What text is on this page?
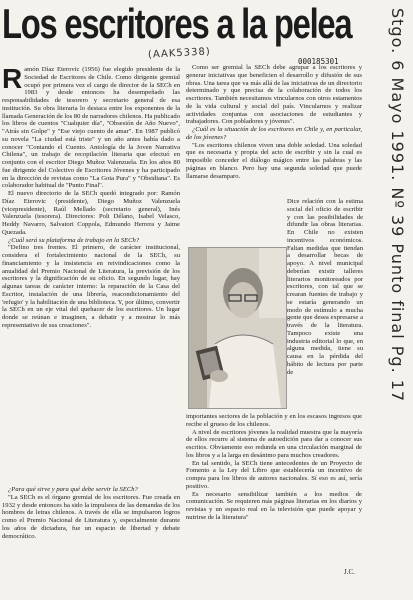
Los escritores a la pelea
(AAK5338)
000185301

Ramón Díaz Eterovic (1956) fue elegido presidente de la Sociedad de Escritores de Chile. Como dirigente gremial ocupó por primera vez el cargo de director de la SECh en 1983 y desde entonces ha desempeñado las responsabilidades de tesorero y secretario general de esa institución. Su obra literaria lo destaca entre los exponentes de la llamada Generación de los 80 de narradores chilenos. Ha publicado los libros de cuentos "Cualquier día", "Obsesión de Año Nuevo", "Atrás sin Golpe" y "Ese viejo cuento de amar". En 1987 publicó su novela "La ciudad está triste" y un año antes había dado a conocer "Contando el Cuento. Antología de la Joven Narrativa Chilena", un trabajo de recopilación literaria que efectuó en conjunto con el escritor Diego Muñoz Valenzuela. En los años 80 fue dirigente del Colectivo de Escritores Jóvenes y ha participado en la dirección de revistas como "La Gota Pura" y "Obsidiana". Es colaborador habitual de "Punto Final".

El nuevo directorio de la SECh quedó integrado por: Ramón Díaz Eterovic (presidente), Diego Muñoz Valenzuela (vicepresidente), Raúl Mellado (secretario general), Inés Valenzuela (tesorera). Directores: Poli Délano, Isabel Velasco, Heddy Navarro, Salvatori Coppola, Edmundo Herrera y Jaime Quezada.

¿Cuál será su plataforma de trabajo en la SECh?

"Defino tres frentes. El primero, de carácter institucional, considera el fortalecimiento nacional de la SECh, su financiamiento y la insistencia en reivindicaciones como la anualidad del Premio Nacional de Literatura, la previsión de los escritores y la dignificación de su oficio. En segundo lugar, hay algunas tareas de carácter interno: la reparación de la Casa del Escritor, instalación de una librería, reacondicionamiento del 'refugio' y la habilitación de una biblioteca. Y, por último, convertir la SECh en un eje vital del quehacer de los escritores. Un lugar donde se reúnan e imaginen, a debatir y a mostrar lo más representativo de sus creaciones".

¿Para qué sirve y para qué debe servir la SECh?

"La SECh es el órgano gremial de los escritores. Fue creada en 1932 y desde entonces ha sido la impulsora de las demandas de los hombres de letras chilenos. A través de ella se impulsaron logros como el Premio Nacional de Literatura y, especialmente durante los años de dictadura, fue un espacio de libertad y debate democrático.

Como ser gremial la SECh debe agrupar a los escritores y generar iniciativas que beneficien el desarrollo y difusión de sus obras. Una tarea que va más allá de las iniciativas de un directorio determinado y que precisa de la colaboración de todos los escritores. También necesitamos vincularnos con otros estamentos de la vida cultural y social del país. Vincularnos y realizar actividades conjuntas con asociaciones de estudiantes y trabajadores. Con pobladores y jóvenes".

¿Cuál es la situación de los escritores en Chile y, en particular, de los jóvenes?

"Los escritores chilenos viven una doble soledad. Una soledad que es necesaria y propia del acto de escribir y sin la cual es imposible conceder el diálogo mágico entre las palabras y las páginas en blanco. Pero hay una segunda soledad que puede llamarse desamparo.

Dice relación con la estima social del oficio de escribir y con las posibilidades de difundir las obras literarias. En Chile no existen incentivos económicos. Faltan medidas que tiendan a desarrollar becas de apoyo. A nivel municipal deberían existir talleres literarios monitoreados por escritores, con tal que se crearan fuentes de trabajo y se estaría generando un modo de estímulo a mucha gente que desea expresarse a través de la literatura. Tampoco existe una industria editorial lo que, en alguna medida, tiene su causa en la pérdida del hábito de lectura por parte de

importantes sectores de la población y en los escasos ingresos que recibe el grueso de los chilenos.

A nivel de escritores jóvenes la realidad muestra que la mayoría de ellos recurre al sistema de autoedición para dar a conocer sus escritos. Obviamente eso redunda en una circulación marginal de los libros y a la larga en desánimo para muchos creadores.

En tal sentido, la SECh tiene antecedentes de un Proyecto de Fomento a la Ley del Libro que establecería un incentivo de compra para los libros de autores nacionales. Sí eso es así, sería positivo.

Es necesario sensibilizar también a los medios de comunicación. Se requieren más páginas literarias en los diarios y revistas y un espacio real en la televisión que puede apoyar y nutrirse de la literatura"

J.C.
Stgo. 6 Mayo 1991. Nº 39 Punto final Pg. 17
